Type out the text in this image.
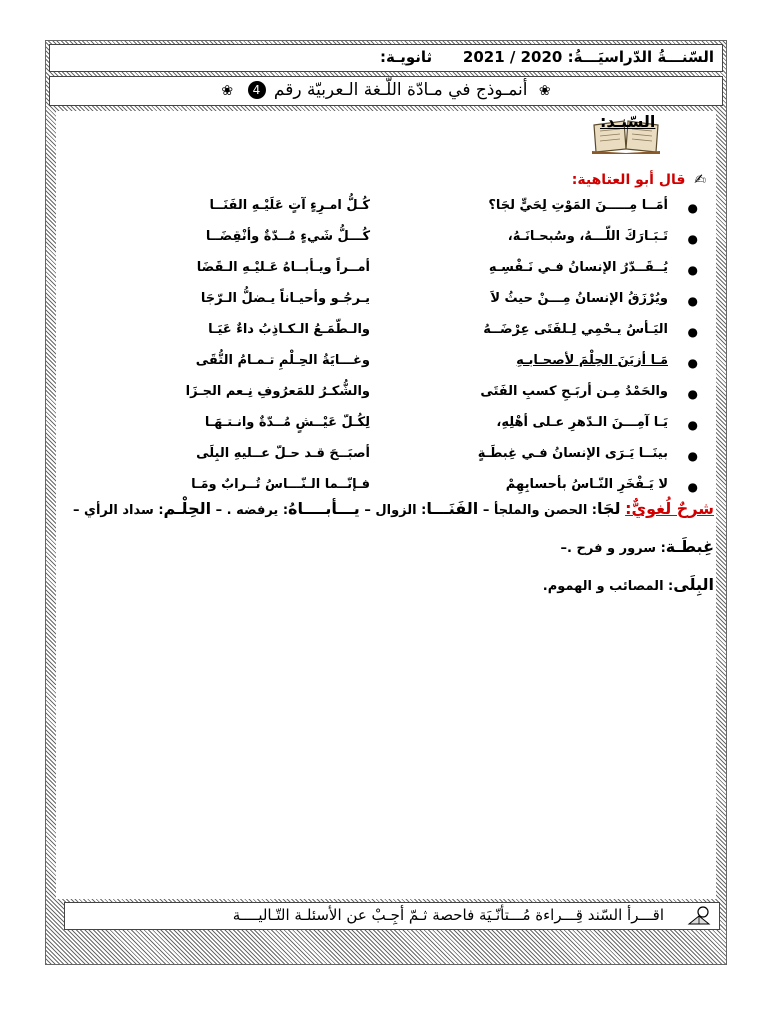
السّنـــةُ الدّراسيَـــةُ: 2020 / 2021
ثانويـة:
❀ أنمـوذج في مـادّة اللّـغة الـعربيّة رقم 4 ❀
السّنـد:
✍ قال أبو العتاهية:
●
أمَــا مِـــــنَ المَوْتِ لِحَيٍّ لجَا؟
كُـلُّ امـرِءٍ آتٍ عَلَيْـهِ الفَنَــا
●
تَـبَـارَكَ اللّـــهُ، وسُبحـانَـهُ،
كُـــلُّ شَيءٍ مُــدّةٌ وأنْقِضَــا
●
يُــقَــدّرُ الإنسانُ فـي نَـفْسِـهِ
أمــراً ويـأبــاهُ عَـليْـهِ الـقَضَا
●
ويُرْزَقُ الإنسانُ مِـــنْ حيثُ لاَ
يـرجُـو وأحيـاناً يـضلُّ الـرّجَا
●
اليَـأسُ يـحْمِي لِـلفَتَى عِرْضَــهُ
والـطّمَـعُ الـكـاذِبُ داءٌ عَيَـا
●
مَـا أزيَنَ الحِلْمَ لأصحـابـهِ
وغـــايَةُ الحِـلْمِ تـمـامُ التُّقَى
●
والحَمْدُ مِـن أربَـحِ كسبِ الفَتَى
والشُّكـرُ للمَعرُوفِ نِـعم الجـزَا
●
يَـا آمِـــنَ الـدّهرِ عـلى أهْلِهِ،
لِكُـلّ عَيْــشٍ مُــدّةٌ وانـتـهَـا
●
بينَــا يَـرَى الإنسانُ فـي غِبطَـةٍ
أصبَــحَ قـد حـلّ عــليهِ البِلَى
●
لا يَـفْخَرِ النّـاسُ بأحسابِهِمْ
فـإنّــما الـنّـــاسُ تُــرابٌ ومَـا
شرحٌ لُغويٌّ: لجَا: الحصن والملجأ – الفَنَـــا: الزوال – يـــأبــــاهُ: يرفضه . – الحِلْـم: سداد الرأي –
غِبطَـة: سرور و فرح .–
البِلَى: المصائب و الهموم.
اقـــرأ السّند قِـــراءة مُـــتأنّـيَة فاحصة ثـمّ أجِـبْ عن الأسئلـة التّـاليــــة
